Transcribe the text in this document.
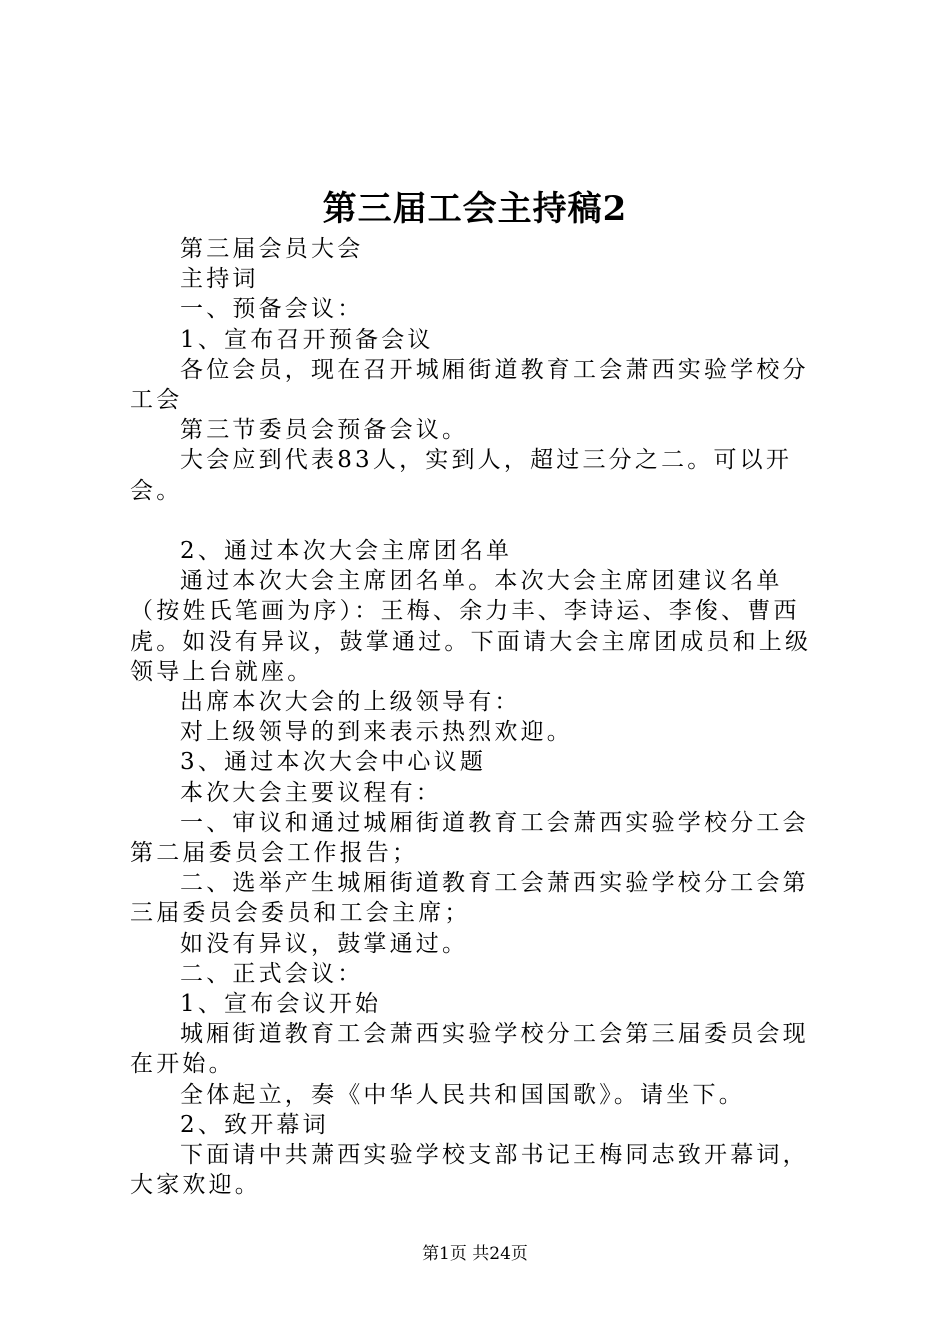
第三届工会主持稿2

第三届会员大会

主持词

一、预备会议：

1、宣布召开预备会议

各位会员，现在召开城厢街道教育工会萧西实验学校分工会

第三节委员会预备会议。

大会应到代表83人，实到人，超过三分之二。可以开会。

2、通过本次大会主席团名单

通过本次大会主席团名单。本次大会主席团建议名单（按姓氏笔画为序）：王梅、余力丰、李诗运、李俊、曹西虎。如没有异议，鼓掌通过。下面请大会主席团成员和上级领导上台就座。

出席本次大会的上级领导有：

对上级领导的到来表示热烈欢迎。

3、通过本次大会中心议题

本次大会主要议程有：

一、审议和通过城厢街道教育工会萧西实验学校分工会第二届委员会工作报告；

二、选举产生城厢街道教育工会萧西实验学校分工会第三届委员会委员和工会主席；

如没有异议，鼓掌通过。

二、正式会议：

1、宣布会议开始

城厢街道教育工会萧西实验学校分工会第三届委员会现在开始。

全体起立，奏《中华人民共和国国歌》。请坐下。

2、致开幕词

下面请中共萧西实验学校支部书记王梅同志致开幕词，大家欢迎。

第1页 共24页
